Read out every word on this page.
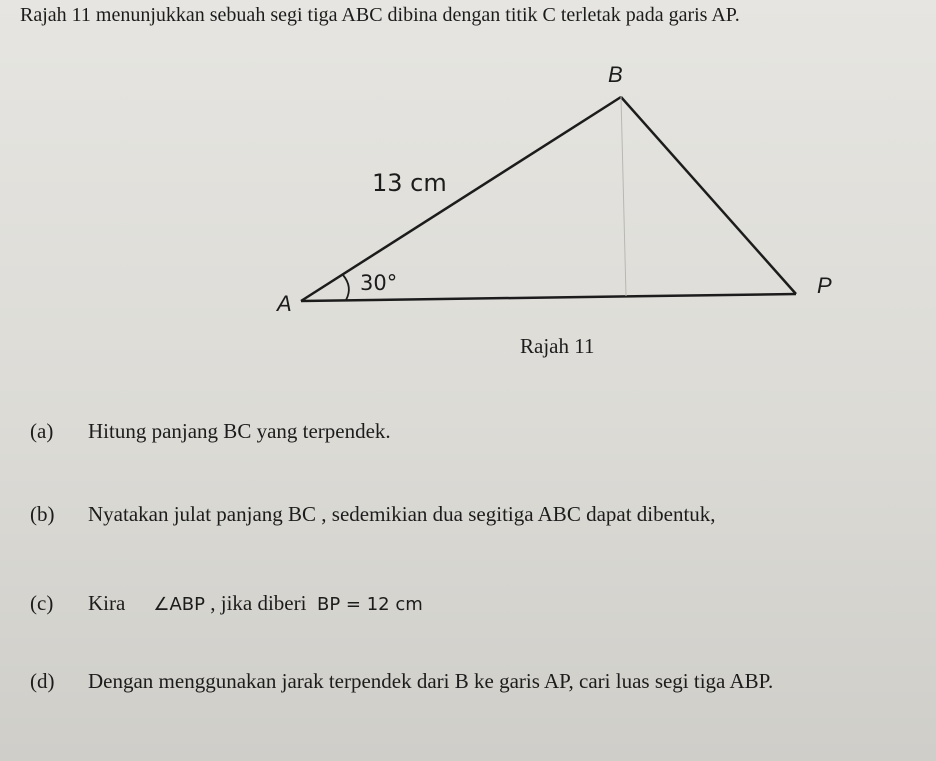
Rajah 11 menunjukkan sebuah segi tiga ABC dibina dengan titik C terletak pada garis AP.
A
B
P
13 cm
30°
Rajah 11
(a) Hitung panjang BC yang terpendek.
(b) Nyatakan julat panjang BC , sedemikian dua segitiga ABC dapat dibentuk,
(c) Kira ∠ABP , jika diberi BP = 12 cm
(d) Dengan menggunakan jarak terpendek dari B ke garis AP, cari luas segi tiga ABP.
